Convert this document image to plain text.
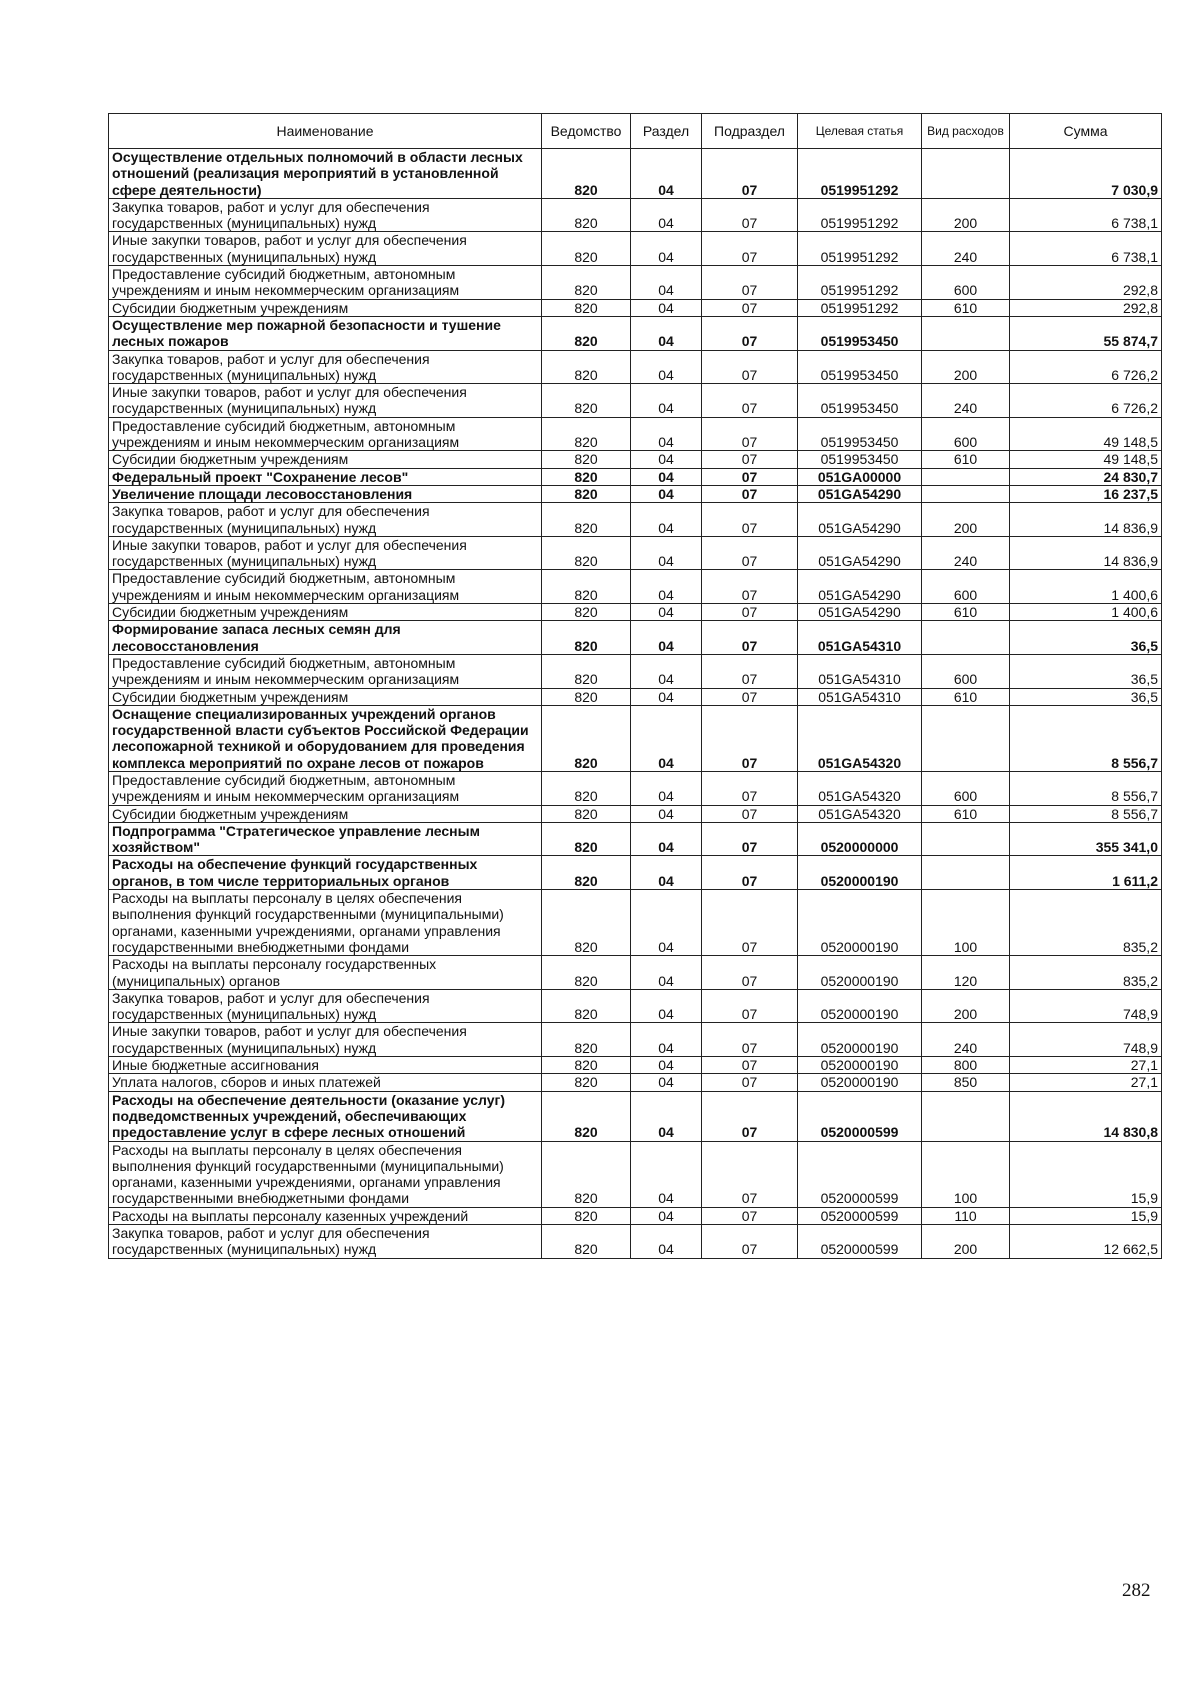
Наименование	Ведомство	Раздел	Подраздел	Целевая статья	Вид расходов	Сумма
Осуществление отдельных полномочий в области лесных отношений (реализация мероприятий в установленной сфере деятельности)	820	04	07	0519951292		7 030,9
Закупка товаров, работ и услуг для обеспечения государственных (муниципальных) нужд	820	04	07	0519951292	200	6 738,1
Иные закупки товаров, работ и услуг для обеспечения государственных (муниципальных) нужд	820	04	07	0519951292	240	6 738,1
Предоставление субсидий бюджетным, автономным учреждениям и иным некоммерческим организациям	820	04	07	0519951292	600	292,8
Субсидии бюджетным учреждениям	820	04	07	0519951292	610	292,8
Осуществление мер пожарной безопасности и тушение лесных пожаров	820	04	07	0519953450		55 874,7
Закупка товаров, работ и услуг для обеспечения государственных (муниципальных) нужд	820	04	07	0519953450	200	6 726,2
Иные закупки товаров, работ и услуг для обеспечения государственных (муниципальных) нужд	820	04	07	0519953450	240	6 726,2
Предоставление субсидий бюджетным, автономным учреждениям и иным некоммерческим организациям	820	04	07	0519953450	600	49 148,5
Субсидии бюджетным учреждениям	820	04	07	0519953450	610	49 148,5
Федеральный проект "Сохранение лесов"	820	04	07	051GA00000		24 830,7
Увеличение площади лесовосстановления	820	04	07	051GA54290		16 237,5
Закупка товаров, работ и услуг для обеспечения государственных (муниципальных) нужд	820	04	07	051GA54290	200	14 836,9
Иные закупки товаров, работ и услуг для обеспечения государственных (муниципальных) нужд	820	04	07	051GA54290	240	14 836,9
Предоставление субсидий бюджетным, автономным учреждениям и иным некоммерческим организациям	820	04	07	051GA54290	600	1 400,6
Субсидии бюджетным учреждениям	820	04	07	051GA54290	610	1 400,6
Формирование запаса лесных семян для лесовосстановления	820	04	07	051GA54310		36,5
Предоставление субсидий бюджетным, автономным учреждениям и иным некоммерческим организациям	820	04	07	051GA54310	600	36,5
Субсидии бюджетным учреждениям	820	04	07	051GA54310	610	36,5
Оснащение специализированных учреждений органов государственной власти субъектов Российской Федерации лесопожарной техникой и оборудованием для проведения комплекса мероприятий по охране лесов от пожаров	820	04	07	051GA54320		8 556,7
Предоставление субсидий бюджетным, автономным учреждениям и иным некоммерческим организациям	820	04	07	051GA54320	600	8 556,7
Субсидии бюджетным учреждениям	820	04	07	051GA54320	610	8 556,7
Подпрограмма "Стратегическое управление лесным хозяйством"	820	04	07	0520000000		355 341,0
Расходы на обеспечение функций государственных органов, в том числе территориальных органов	820	04	07	0520000190		1 611,2
Расходы на выплаты персоналу в целях обеспечения выполнения функций государственными (муниципальными) органами, казенными учреждениями, органами управления государственными внебюджетными фондами	820	04	07	0520000190	100	835,2
Расходы на выплаты персоналу государственных (муниципальных) органов	820	04	07	0520000190	120	835,2
Закупка товаров, работ и услуг для обеспечения государственных (муниципальных) нужд	820	04	07	0520000190	200	748,9
Иные закупки товаров, работ и услуг для обеспечения государственных (муниципальных) нужд	820	04	07	0520000190	240	748,9
Иные бюджетные ассигнования	820	04	07	0520000190	800	27,1
Уплата налогов, сборов и иных платежей	820	04	07	0520000190	850	27,1
Расходы на обеспечение деятельности (оказание услуг) подведомственных учреждений, обеспечивающих предоставление услуг в сфере лесных отношений	820	04	07	0520000599		14 830,8
Расходы на выплаты персоналу в целях обеспечения выполнения функций государственными (муниципальными) органами, казенными учреждениями, органами управления государственными внебюджетными фондами	820	04	07	0520000599	100	15,9
Расходы на выплаты персоналу казенных учреждений	820	04	07	0520000599	110	15,9
Закупка товаров, работ и услуг для обеспечения государственных (муниципальных) нужд	820	04	07	0520000599	200	12 662,5
282
